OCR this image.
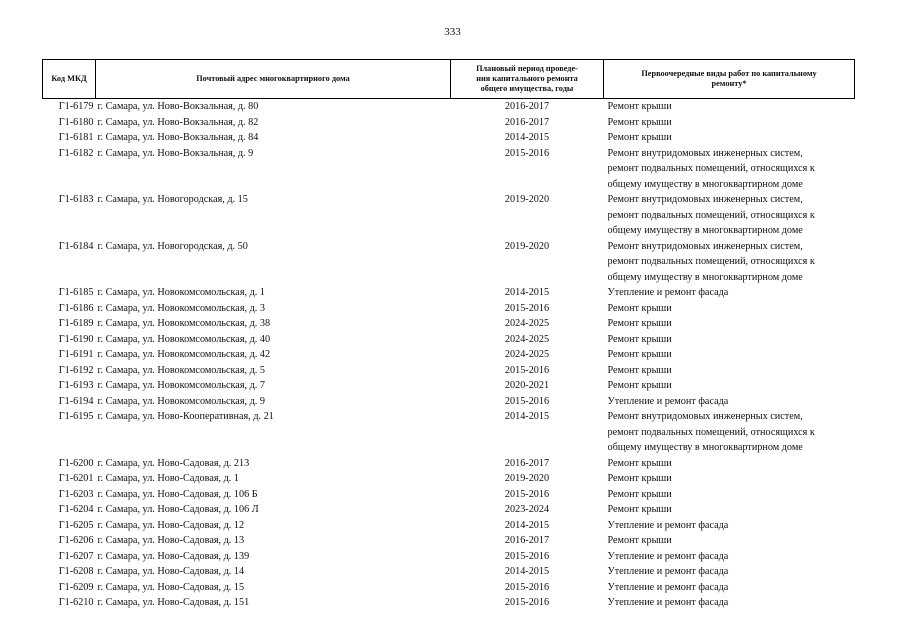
333
Код МКД	Почтовый адрес многоквартирного дома	Плановый период проведе-
ния капитального ремонта
общего имущества, годы	Первоочередные виды работ по капитальному
ремонту*
Г1-6179	г. Самара, ул. Ново-Вокзальная, д. 80	2016-2017	Ремонт крыши
Г1-6180	г. Самара, ул. Ново-Вокзальная, д. 82	2016-2017	Ремонт крыши
Г1-6181	г. Самара, ул. Ново-Вокзальная, д. 84	2014-2015	Ремонт крыши
Г1-6182	г. Самара, ул. Ново-Вокзальная, д. 9	2015-2016	Ремонт внутридомовых инженерных систем,
ремонт подвальных помещений, относящихся к
общему имуществу в многоквартирном доме
Г1-6183	г. Самара, ул. Новогородская, д. 15	2019-2020	Ремонт внутридомовых инженерных систем,
ремонт подвальных помещений, относящихся к
общему имуществу в многоквартирном доме
Г1-6184	г. Самара, ул. Новогородская, д. 50	2019-2020	Ремонт внутридомовых инженерных систем,
ремонт подвальных помещений, относящихся к
общему имуществу в многоквартирном доме
Г1-6185	г. Самара, ул. Новокомсомольская, д. 1	2014-2015	Утепление и ремонт фасада
Г1-6186	г. Самара, ул. Новокомсомольская, д. 3	2015-2016	Ремонт крыши
Г1-6189	г. Самара, ул. Новокомсомольская, д. 38	2024-2025	Ремонт крыши
Г1-6190	г. Самара, ул. Новокомсомольская, д. 40	2024-2025	Ремонт крыши
Г1-6191	г. Самара, ул. Новокомсомольская, д. 42	2024-2025	Ремонт крыши
Г1-6192	г. Самара, ул. Новокомсомольская, д. 5	2015-2016	Ремонт крыши
Г1-6193	г. Самара, ул. Новокомсомольская, д. 7	2020-2021	Ремонт крыши
Г1-6194	г. Самара, ул. Новокомсомольская, д. 9	2015-2016	Утепление и ремонт фасада
Г1-6195	г. Самара, ул. Ново-Кооперативная, д. 21	2014-2015	Ремонт внутридомовых инженерных систем,
ремонт подвальных помещений, относящихся к
общему имуществу в многоквартирном доме
Г1-6200	г. Самара, ул. Ново-Садовая, д. 213	2016-2017	Ремонт крыши
Г1-6201	г. Самара, ул. Ново-Садовая, д. 1	2019-2020	Ремонт крыши
Г1-6203	г. Самара, ул. Ново-Садовая, д. 106 Б	2015-2016	Ремонт крыши
Г1-6204	г. Самара, ул. Ново-Садовая, д. 106 Л	2023-2024	Ремонт крыши
Г1-6205	г. Самара, ул. Ново-Садовая, д. 12	2014-2015	Утепление и ремонт фасада
Г1-6206	г. Самара, ул. Ново-Садовая, д. 13	2016-2017	Ремонт крыши
Г1-6207	г. Самара, ул. Ново-Садовая, д. 139	2015-2016	Утепление и ремонт фасада
Г1-6208	г. Самара, ул. Ново-Садовая, д. 14	2014-2015	Утепление и ремонт фасада
Г1-6209	г. Самара, ул. Ново-Садовая, д. 15	2015-2016	Утепление и ремонт фасада
Г1-6210	г. Самара, ул. Ново-Садовая, д. 151	2015-2016	Утепление и ремонт фасада
